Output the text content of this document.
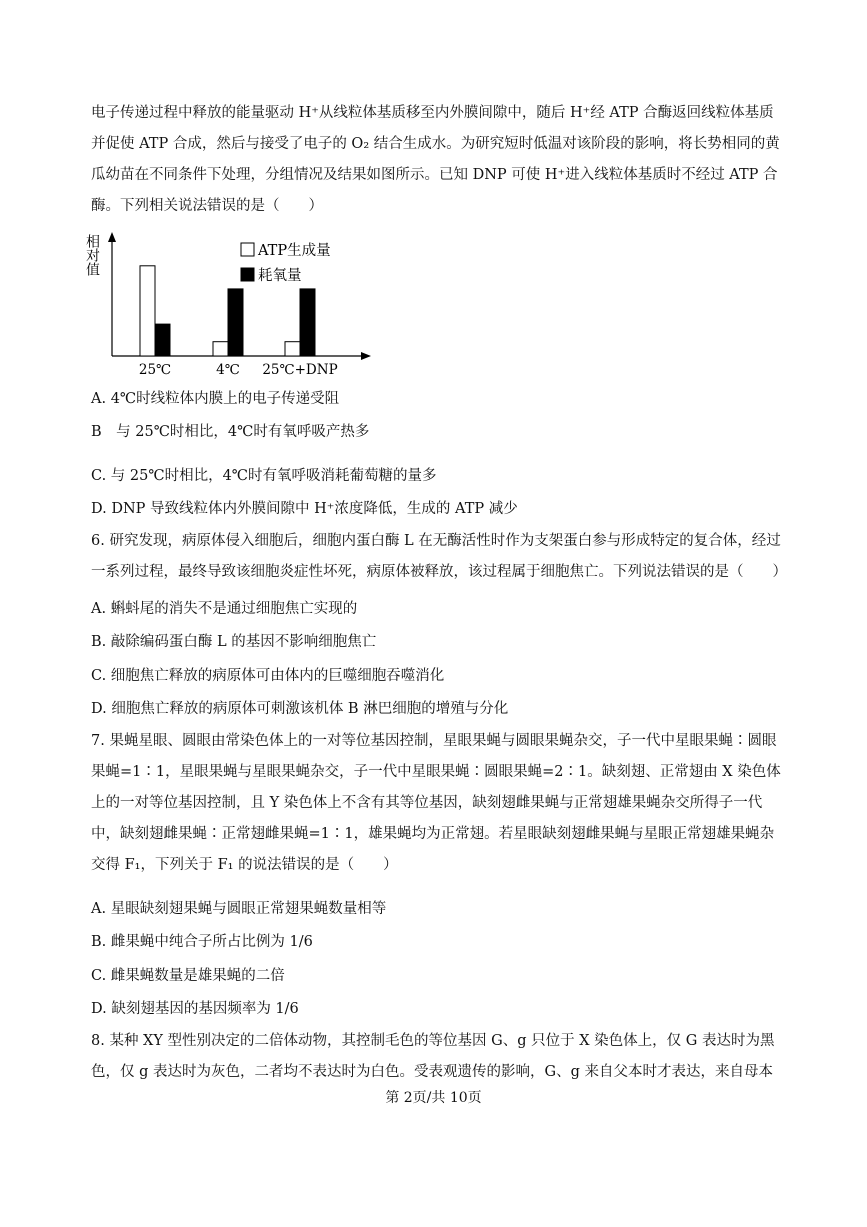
电子传递过程中释放的能量驱动 H⁺从线粒体基质移至内外膜间隙中，随后 H⁺经 ATP 合酶返回线粒体基质并促使 ATP 合成，然后与接受了电子的 O₂ 结合生成水。为研究短时低温对该阶段的影响，将长势相同的黄瓜幼苗在不同条件下处理，分组情况及结果如图所示。已知 DNP 可使 H⁺进入线粒体基质时不经过 ATP 合酶。下列相关说法错误的是（　　）

相对值
25℃	4℃ 25℃+DNP
ATP生成量
耗氧量
A. 4℃时线粒体内膜上的电子传递受阻
B　与 25℃时相比，4℃时有氧呼吸产热多
C. 与 25℃时相比，4℃时有氧呼吸消耗葡萄糖的量多
D. DNP 导致线粒体内外膜间隙中 H⁺浓度降低，生成的 ATP 减少

6. 研究发现，病原体侵入细胞后，细胞内蛋白酶 L 在无酶活性时作为支架蛋白参与形成特定的复合体，经过一系列过程，最终导致该细胞炎症性坏死，病原体被释放，该过程属于细胞焦亡。下列说法错误的是（　　）

A. 蝌蚪尾的消失不是通过细胞焦亡实现的
B. 敲除编码蛋白酶 L 的基因不影响细胞焦亡
C. 细胞焦亡释放的病原体可由体内的巨噬细胞吞噬消化
D. 细胞焦亡释放的病原体可刺激该机体 B 淋巴细胞的增殖与分化

7. 果蝇星眼、圆眼由常染色体上的一对等位基因控制，星眼果蝇与圆眼果蝇杂交，子一代中星眼果蝇∶圆眼果蝇=1∶1，星眼果蝇与星眼果蝇杂交，子一代中星眼果蝇∶圆眼果蝇=2∶1。缺刻翅、正常翅由 X 染色体上的一对等位基因控制，且 Y 染色体上不含有其等位基因，缺刻翅雌果蝇与正常翅雄果蝇杂交所得子一代中，缺刻翅雌果蝇∶正常翅雌果蝇=1∶1，雄果蝇均为正常翅。若星眼缺刻翅雌果蝇与星眼正常翅雄果蝇杂交得 F₁，下列关于 F₁ 的说法错误的是（　　）

A. 星眼缺刻翅果蝇与圆眼正常翅果蝇数量相等
B. 雌果蝇中纯合子所占比例为 1/6
C. 雌果蝇数量是雄果蝇的二倍
D. 缺刻翅基因的基因频率为 1/6

8. 某种 XY 型性别决定的二倍体动物，其控制毛色的等位基因 G、g 只位于 X 染色体上，仅 G 表达时为黑色，仅 g 表达时为灰色，二者均不表达时为白色。受表观遗传的影响，G、g 来自父本时才表达，来自母本

第 2页/共 10页
